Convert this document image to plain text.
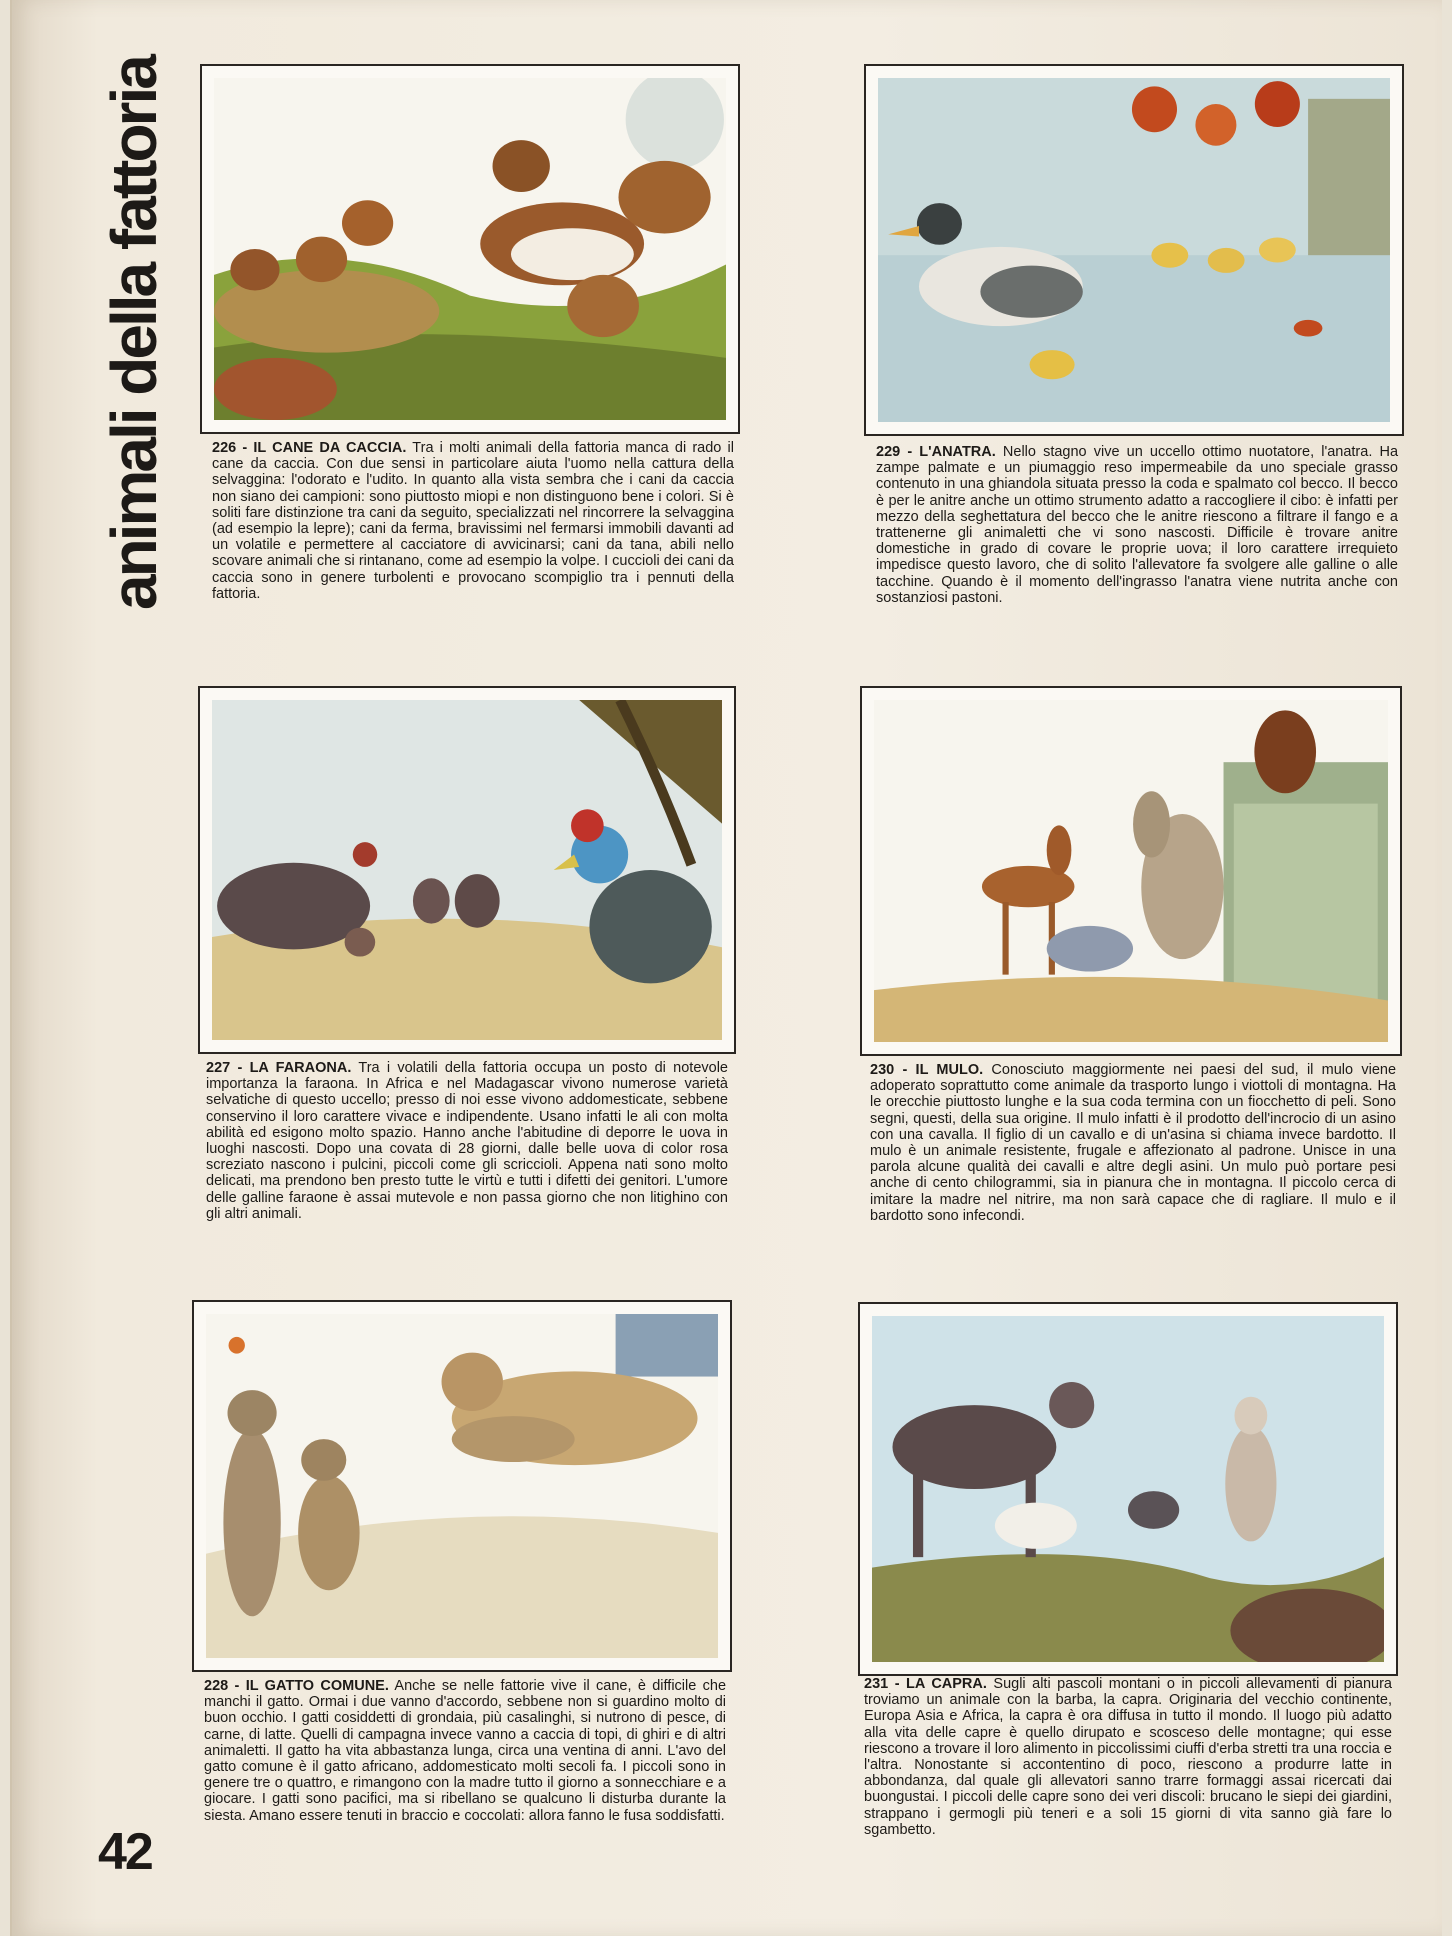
animali della fattoria	226 - IL CANE DA CACCIA. Tra i molti animali della fattoria manca di rado il cane da caccia. Con due sensi in particolare aiuta l'uomo nella cattura della selvaggina: l'odorato e l'udito. In quanto alla vista sembra che i cani da caccia non siano dei campioni: sono piuttosto miopi e non distinguono bene i colori. Si è soliti fare distinzione tra cani da seguito, specializzati nel rincorrere la selvaggina (ad esempio la lepre); cani da ferma, bravissimi nel fermarsi immobili davanti ad un volatile e permettere al cacciatore di avvicinarsi; cani da tana, abili nello scovare animali che si rintanano, come ad esempio la volpe. I cuccioli dei cani da caccia sono in genere turbolenti e provocano scompiglio tra i pennuti della fattoria.

229 - L'ANATRA. Nello stagno vive un uccello ottimo nuotatore, l'anatra. Ha zampe palmate e un piumaggio reso impermeabile da uno speciale grasso contenuto in una ghiandola situata presso la coda e spalmato col becco. Il becco è per le anitre anche un ottimo strumento adatto a raccogliere il cibo: è infatti per mezzo della seghettatura del becco che le anitre riescono a filtrare il fango e a trattenerne gli animaletti che vi sono nascosti. Difficile è trovare anitre domestiche in grado di covare le proprie uova; il loro carattere irrequieto impedisce questo lavoro, che di solito l'allevatore fa svolgere alle galline o alle tacchine. Quando è il momento dell'ingrasso l'anatra viene nutrita anche con sostanziosi pastoni.

227 - LA FARAONA. Tra i volatili della fattoria occupa un posto di notevole importanza la faraona. In Africa e nel Madagascar vivono numerose varietà selvatiche di questo uccello; presso di noi esse vivono addomesticate, sebbene conservino il loro carattere vivace e indipendente. Usano infatti le ali con molta abilità ed esigono molto spazio. Hanno anche l'abitudine di deporre le uova in luoghi nascosti. Dopo una covata di 28 giorni, dalle belle uova di color rosa screziato nascono i pulcini, piccoli come gli scriccioli. Appena nati sono molto delicati, ma prendono ben presto tutte le virtù e tutti i difetti dei genitori. L'umore delle galline faraone è assai mutevole e non passa giorno che non litighino con gli altri animali.

230 - IL MULO. Conosciuto maggiormente nei paesi del sud, il mulo viene adoperato soprattutto come animale da trasporto lungo i viottoli di montagna. Ha le orecchie piuttosto lunghe e la sua coda termina con un fiocchetto di peli. Sono segni, questi, della sua origine. Il mulo infatti è il prodotto dell'incrocio di un asino con una cavalla. Il figlio di un cavallo e di un'asina si chiama invece bardotto. Il mulo è un animale resistente, frugale e affezionato al padrone. Unisce in una parola alcune qualità dei cavalli e altre degli asini. Un mulo può portare pesi anche di cento chilogrammi, sia in pianura che in montagna. Il piccolo cerca di imitare la madre nel nitrire, ma non sarà capace che di ragliare. Il mulo e il bardotto sono infecondi.

228 - IL GATTO COMUNE. Anche se nelle fattorie vive il cane, è difficile che manchi il gatto. Ormai i due vanno d'accordo, sebbene non si guardino molto di buon occhio. I gatti cosiddetti di grondaia, più casalinghi, si nutrono di pesce, di carne, di latte. Quelli di campagna invece vanno a caccia di topi, di ghiri e di altri animaletti. Il gatto ha vita abbastanza lunga, circa una ventina di anni. L'avo del gatto comune è il gatto africano, addomesticato molti secoli fa. I piccoli sono in genere tre o quattro, e rimangono con la madre tutto il giorno a sonnecchiare e a giocare. I gatti sono pacifici, ma si ribellano se qualcuno li disturba durante la siesta. Amano essere tenuti in braccio e coccolati: allora fanno le fusa soddisfatti.

231 - LA CAPRA. Sugli alti pascoli montani o in piccoli allevamenti di pianura troviamo un animale con la barba, la capra. Originaria del vecchio continente, Europa Asia e Africa, la capra è ora diffusa in tutto il mondo. Il luogo più adatto alla vita delle capre è quello dirupato e scosceso delle montagne; qui esse riescono a trovare il loro alimento in piccolissimi ciuffi d'erba stretti tra una roccia e l'altra. Nonostante si accontentino di poco, riescono a produrre latte in abbondanza, dal quale gli allevatori sanno trarre formaggi assai ricercati dai buongustai. I piccoli delle capre sono dei veri discoli: brucano le siepi dei giardini, strappano i germogli più teneri e a soli 15 giorni di vita sanno già fare lo sgambetto.

42
